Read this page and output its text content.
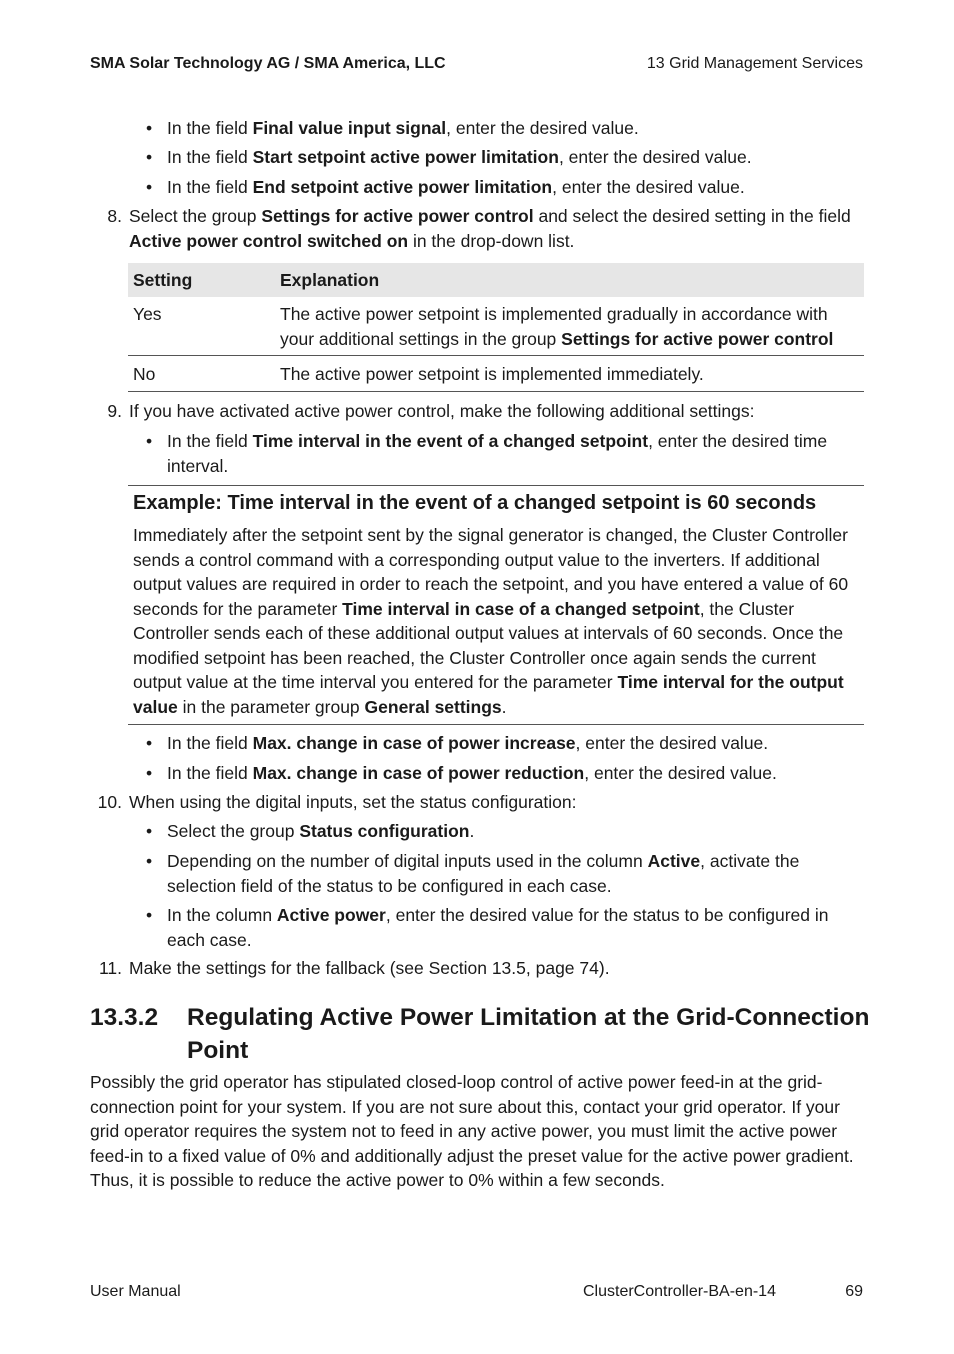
SMA Solar Technology AG / SMA America, LLC	13 Grid Management Services
• In the field Final value input signal, enter the desired value.
• In the field Start setpoint active power limitation, enter the desired value.
• In the field End setpoint active power limitation, enter the desired value.
8. Select the group Settings for active power control and select the desired setting in the field Active power control switched on in the drop-down list.
Setting	Explanation
Yes	The active power setpoint is implemented gradually in accordance with your additional settings in the group Settings for active power control
No	The active power setpoint is implemented immediately.
9. If you have activated active power control, make the following additional settings:
• In the field Time interval in the event of a changed setpoint, enter the desired time interval.
Example: Time interval in the event of a changed setpoint is 60 seconds
Immediately after the setpoint sent by the signal generator is changed, the Cluster Controller sends a control command with a corresponding output value to the inverters. If additional output values are required in order to reach the setpoint, and you have entered a value of 60 seconds for the parameter Time interval in case of a changed setpoint, the Cluster Controller sends each of these additional output values at intervals of 60 seconds. Once the modified setpoint has been reached, the Cluster Controller once again sends the current output value at the time interval you entered for the parameter Time interval for the output value in the parameter group General settings.
• In the field Max. change in case of power increase, enter the desired value.
• In the field Max. change in case of power reduction, enter the desired value.
10. When using the digital inputs, set the status configuration:
• Select the group Status configuration.
• Depending on the number of digital inputs used in the column Active, activate the selection field of the status to be configured in each case.
• In the column Active power, enter the desired value for the status to be configured in each case.
11. Make the settings for the fallback (see Section 13.5, page 74).
13.3.2 Regulating Active Power Limitation at the Grid-Connection Point
Possibly the grid operator has stipulated closed-loop control of active power feed-in at the grid-connection point for your system. If you are not sure about this, contact your grid operator. If your grid operator requires the system not to feed in any active power, you must limit the active power feed-in to a fixed value of 0% and additionally adjust the preset value for the active power gradient. Thus, it is possible to reduce the active power to 0% within a few seconds.
User Manual	ClusterController-BA-en-14	69
